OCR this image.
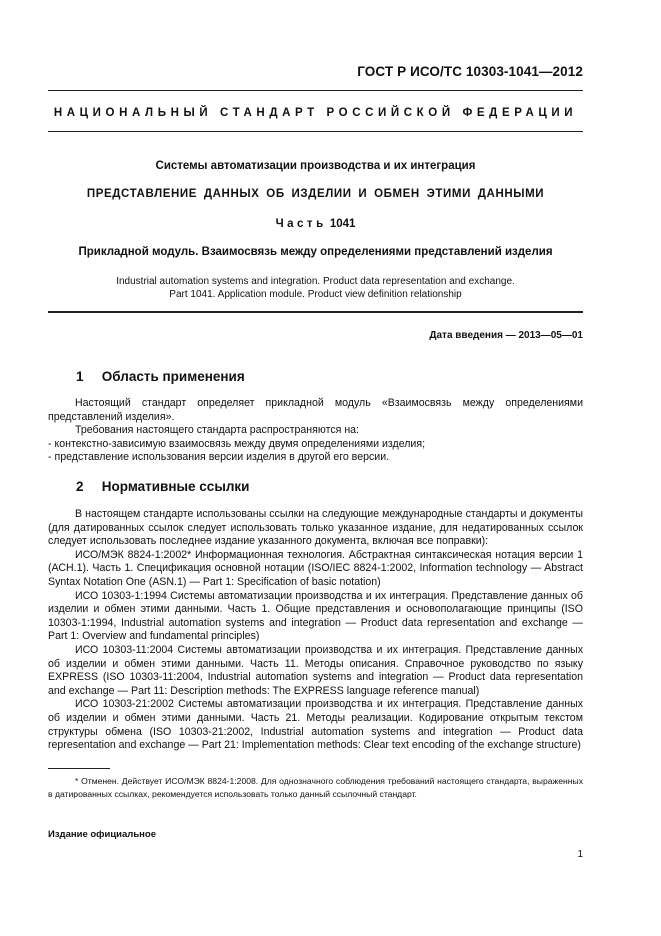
ГОСТ Р ИСО/ТС 10303-1041—2012
НАЦИОНАЛЬНЫЙ СТАНДАРТ РОССИЙСКОЙ ФЕДЕРАЦИИ
Системы автоматизации производства и их интеграция
ПРЕДСТАВЛЕНИЕ ДАННЫХ ОБ ИЗДЕЛИИ И ОБМЕН ЭТИМИ ДАННЫМИ
Часть 1041
Прикладной модуль. Взаимосвязь между определениями представлений изделия
Industrial automation systems and integration. Product data representation and exchange.
Part 1041. Application module. Product view definition relationship
Дата введения — 2013—05—01
1 Область применения

Настоящий стандарт определяет прикладной модуль «Взаимосвязь между определениями представлений изделия».

Требования настоящего стандарта распространяются на:

- контекстно-зависимую взаимосвязь между двумя определениями изделия;

- представление использования версии изделия в другой его версии.

2 Нормативные ссылки

В настоящем стандарте использованы ссылки на следующие международные стандарты и документы (для датированных ссылок следует использовать только указанное издание, для недатированных ссылок следует использовать последнее издание указанного документа, включая все поправки):

ИСО/МЭК 8824-1:2002* Информационная технология. Абстрактная синтаксическая нотация версии 1 (АСН.1). Часть 1. Спецификация основной нотации (ISO/IEC 8824-1:2002, Information technology — Abstract Syntax Notation One (ASN.1) — Part 1: Specification of basic notation)

ИСО 10303-1:1994 Системы автоматизации производства и их интеграция. Представление данных об изделии и обмен этими данными. Часть 1. Общие представления и основополагающие принципы (ISO 10303-1:1994, Industrial automation systems and integration — Product data representation and exchange — Part 1: Overview and fundamental principles)

ИСО 10303-11:2004 Системы автоматизации производства и их интеграция. Представление данных об изделии и обмен этими данными. Часть 11. Методы описания. Справочное руководство по языку EXPRESS (ISO 10303-11:2004, Industrial automation systems and integration — Product data representation and exchange — Part 11: Description methods: The EXPRESS language reference manual)

ИСО 10303-21:2002 Системы автоматизации производства и их интеграция. Представление данных об изделии и обмен этими данными. Часть 21. Методы реализации. Кодирование открытым текстом структуры обмена (ISO 10303-21:2002, Industrial automation systems and integration — Product data representation and exchange — Part 21: Implementation methods: Clear text encoding of the exchange structure)

* Отменен. Действует ИСО/МЭК 8824-1:2008. Для однозначного соблюдения требований настоящего стандарта, выраженных в датированных ссылках, рекомендуется использовать только данный ссылочный стандарт.

Издание официальное
1
